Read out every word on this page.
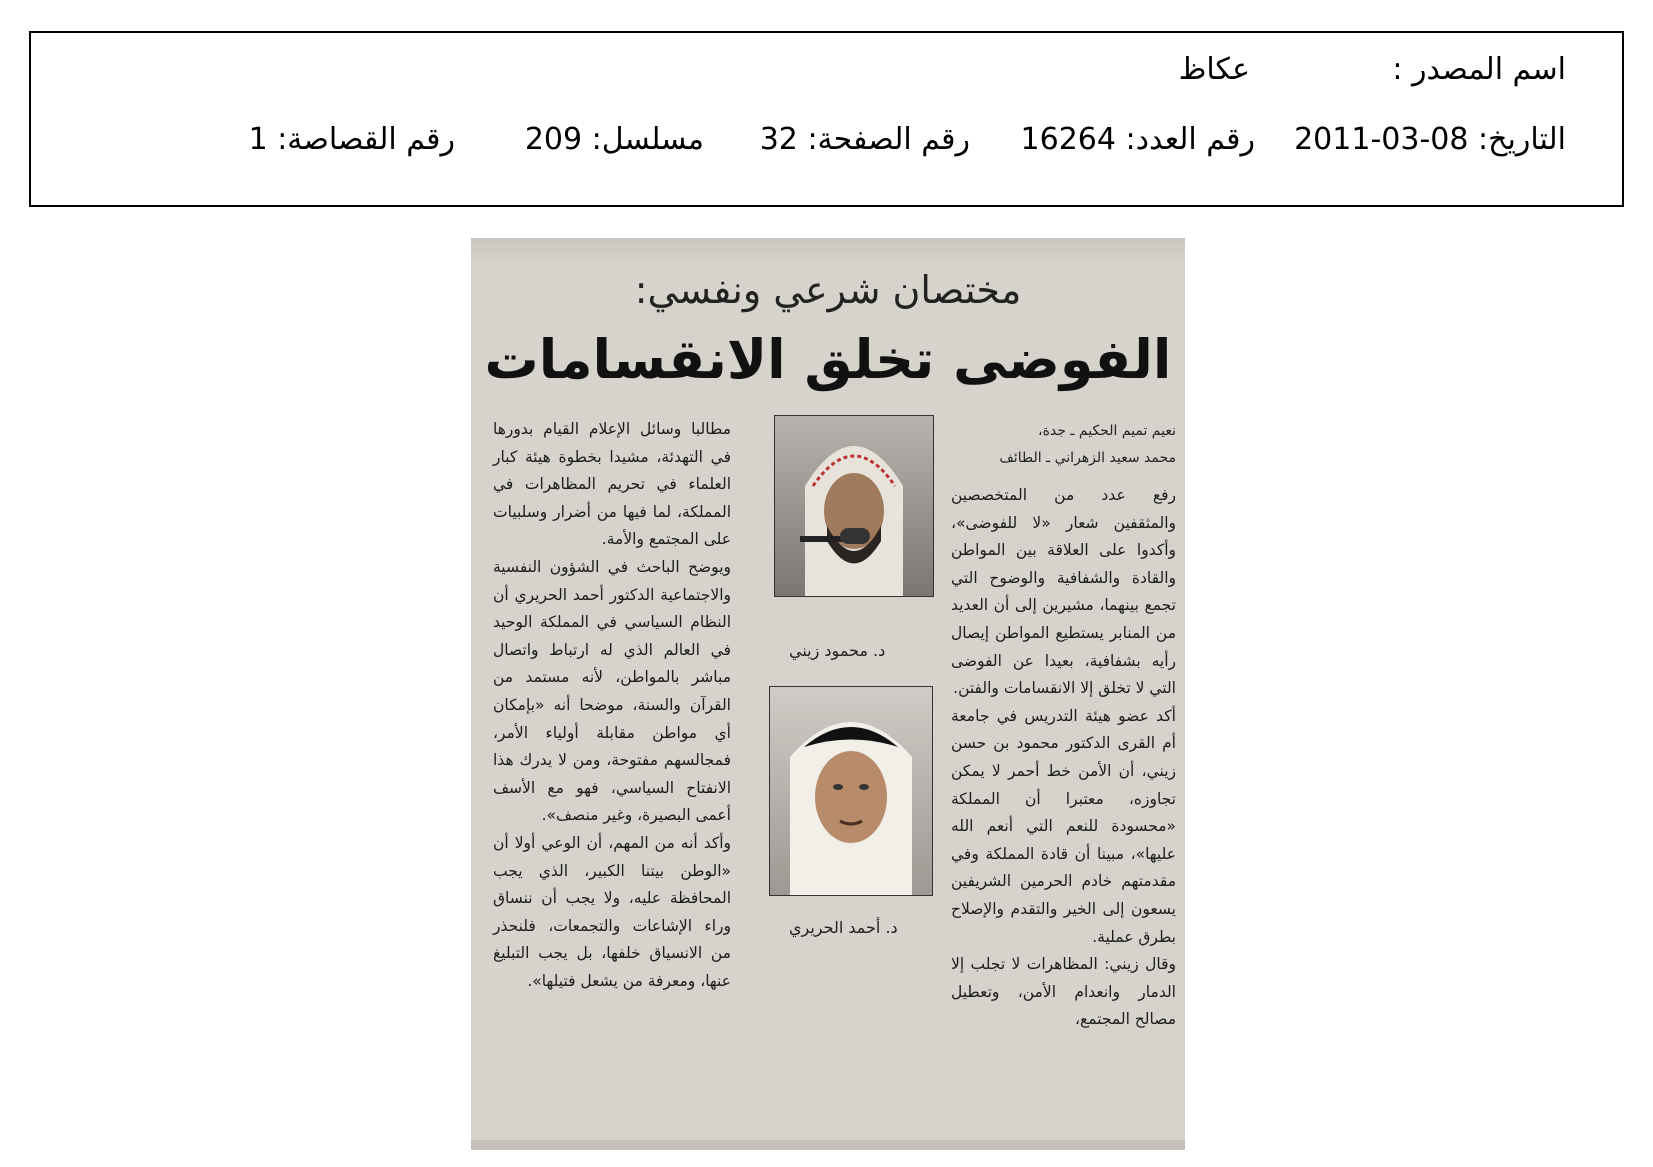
اسم المصدر :
عكاظ
التاريخ: 08-03-2011
رقم العدد: 16264
رقم الصفحة: 32
مسلسل: 209
رقم القصاصة: 1
مختصان شرعي ونفسي:
الفوضى تخلق الانقسامات

نعيم تميم الحكيم ـ جدة،

محمد سعيد الزهراني ـ الطائف

رفع عدد من المتخصصين والمثقفين شعار «لا للفوضى»، وأكدوا على العلاقة بين المواطن والقادة والشفافية والوضوح التي تجمع بينهما، مشيرين إلى أن العديد من المنابر يستطيع المواطن إيصال رأيه بشفافية، بعيدا عن الفوضى التي لا تخلق إلا الانقسامات والفتن.

أكد عضو هيئة التدريس في جامعة أم القرى الدكتور محمود بن حسن زيني، أن الأمن خط أحمر لا يمكن تجاوزه، معتبرا أن المملكة «محسودة للنعم التي أنعم الله عليها»، مبينا أن قادة المملكة وفي مقدمتهم خادم الحرمين الشريفين يسعون إلى الخير والتقدم والإصلاح بطرق عملية.

وقال زيني: المظاهرات لا تجلب إلا الدمار وانعدام الأمن، وتعطيل مصالح المجتمع،

د. محمود زيني
د. أحمد الحريري

مطالبا وسائل الإعلام القيام بدورها في التهدئة، مشيدا بخطوة هيئة كبار العلماء في تحريم المظاهرات في المملكة، لما فيها من أضرار وسلبيات على المجتمع والأمة.

ويوضح الباحث في الشؤون النفسية والاجتماعية الدكتور أحمد الحريري أن النظام السياسي في المملكة الوحيد في العالم الذي له ارتباط واتصال مباشر بالمواطن، لأنه مستمد من القرآن والسنة، موضحا أنه «بإمكان أي مواطن مقابلة أولياء الأمر، فمجالسهم مفتوحة، ومن لا يدرك هذا الانفتاح السياسي، فهو مع الأسف أعمى البصيرة، وغير منصف».

وأكد أنه من المهم، أن الوعي أولا أن «الوطن بيتنا الكبير، الذي يجب المحافظة عليه، ولا يجب أن ننساق وراء الإشاعات والتجمعات، فلنحذر من الانسياق خلفها، بل يجب التبليغ عنها، ومعرفة من يشعل فتيلها».
